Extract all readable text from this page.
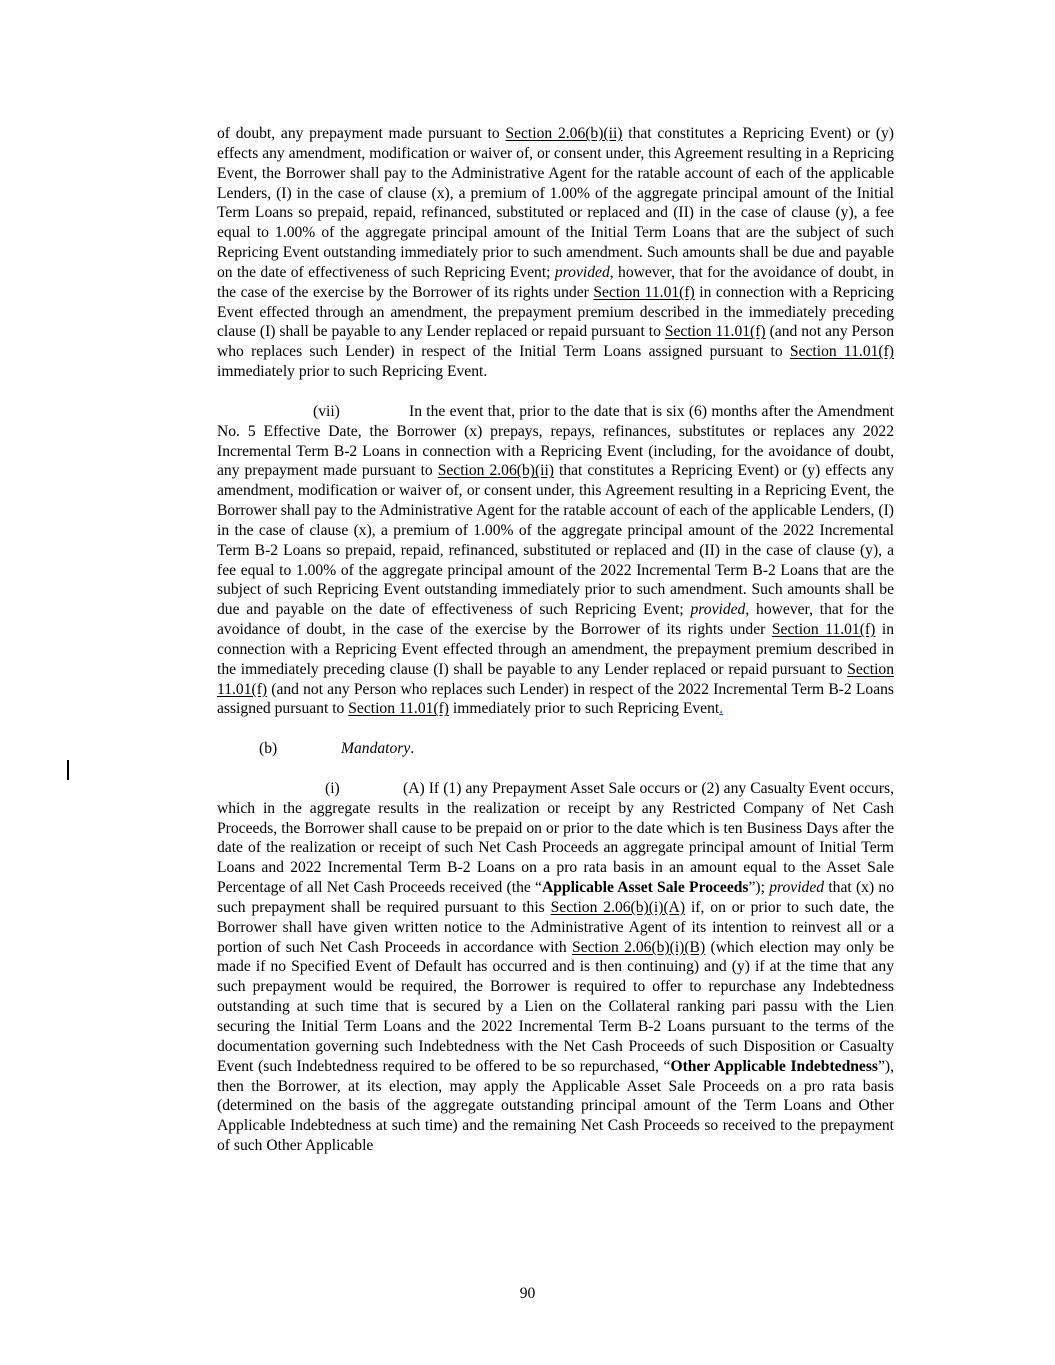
of doubt, any prepayment made pursuant to Section 2.06(b)(ii) that constitutes a Repricing Event) or (y) effects any amendment, modification or waiver of, or consent under, this Agreement resulting in a Repricing Event, the Borrower shall pay to the Administrative Agent for the ratable account of each of the applicable Lenders, (I) in the case of clause (x), a premium of 1.00% of the aggregate principal amount of the Initial Term Loans so prepaid, repaid, refinanced, substituted or replaced and (II) in the case of clause (y), a fee equal to 1.00% of the aggregate principal amount of the Initial Term Loans that are the subject of such Repricing Event outstanding immediately prior to such amendment. Such amounts shall be due and payable on the date of effectiveness of such Repricing Event; provided, however, that for the avoidance of doubt, in the case of the exercise by the Borrower of its rights under Section 11.01(f) in connection with a Repricing Event effected through an amendment, the prepayment premium described in the immediately preceding clause (I) shall be payable to any Lender replaced or repaid pursuant to Section 11.01(f) (and not any Person who replaces such Lender) in respect of the Initial Term Loans assigned pursuant to Section 11.01(f) immediately prior to such Repricing Event.

(vii)	In the event that, prior to the date that is six (6) months after the Amendment No. 5 Effective Date, the Borrower (x) prepays, repays, refinances, substitutes or replaces any 2022 Incremental Term B-2 Loans in connection with a Repricing Event (including, for the avoidance of doubt, any prepayment made pursuant to Section 2.06(b)(ii) that constitutes a Repricing Event) or (y) effects any amendment, modification or waiver of, or consent under, this Agreement resulting in a Repricing Event, the Borrower shall pay to the Administrative Agent for the ratable account of each of the applicable Lenders, (I) in the case of clause (x), a premium of 1.00% of the aggregate principal amount of the 2022 Incremental Term B-2 Loans so prepaid, repaid, refinanced, substituted or replaced and (II) in the case of clause (y), a fee equal to 1.00% of the aggregate principal amount of the 2022 Incremental Term B-2 Loans that are the subject of such Repricing Event outstanding immediately prior to such amendment. Such amounts shall be due and payable on the date of effectiveness of such Repricing Event; provided, however, that for the avoidance of doubt, in the case of the exercise by the Borrower of its rights under Section 11.01(f) in connection with a Repricing Event effected through an amendment, the prepayment premium described in the immediately preceding clause (I) shall be payable to any Lender replaced or repaid pursuant to Section 11.01(f) (and not any Person who replaces such Lender) in respect of the 2022 Incremental Term B-2 Loans assigned pursuant to Section 11.01(f) immediately prior to such Repricing Event.

(b)	Mandatory.

(i)	(A) If (1) any Prepayment Asset Sale occurs or (2) any Casualty Event occurs, which in the aggregate results in the realization or receipt by any Restricted Company of Net Cash Proceeds, the Borrower shall cause to be prepaid on or prior to the date which is ten Business Days after the date of the realization or receipt of such Net Cash Proceeds an aggregate principal amount of Initial Term Loans and 2022 Incremental Term B-2 Loans on a pro rata basis in an amount equal to the Asset Sale Percentage of all Net Cash Proceeds received (the “Applicable Asset Sale Proceeds”); provided that (x) no such prepayment shall be required pursuant to this Section 2.06(b)(i)(A) if, on or prior to such date, the Borrower shall have given written notice to the Administrative Agent of its intention to reinvest all or a portion of such Net Cash Proceeds in accordance with Section 2.06(b)(i)(B) (which election may only be made if no Specified Event of Default has occurred and is then continuing) and (y) if at the time that any such prepayment would be required, the Borrower is required to offer to repurchase any Indebtedness outstanding at such time that is secured by a Lien on the Collateral ranking pari passu with the Lien securing the Initial Term Loans and the 2022 Incremental Term B-2 Loans pursuant to the terms of the documentation governing such Indebtedness with the Net Cash Proceeds of such Disposition or Casualty Event (such Indebtedness required to be offered to be so repurchased, “Other Applicable Indebtedness”), then the Borrower, at its election, may apply the Applicable Asset Sale Proceeds on a pro rata basis (determined on the basis of the aggregate outstanding principal amount of the Term Loans and Other Applicable Indebtedness at such time) and the remaining Net Cash Proceeds so received to the prepayment of such Other Applicable

90
